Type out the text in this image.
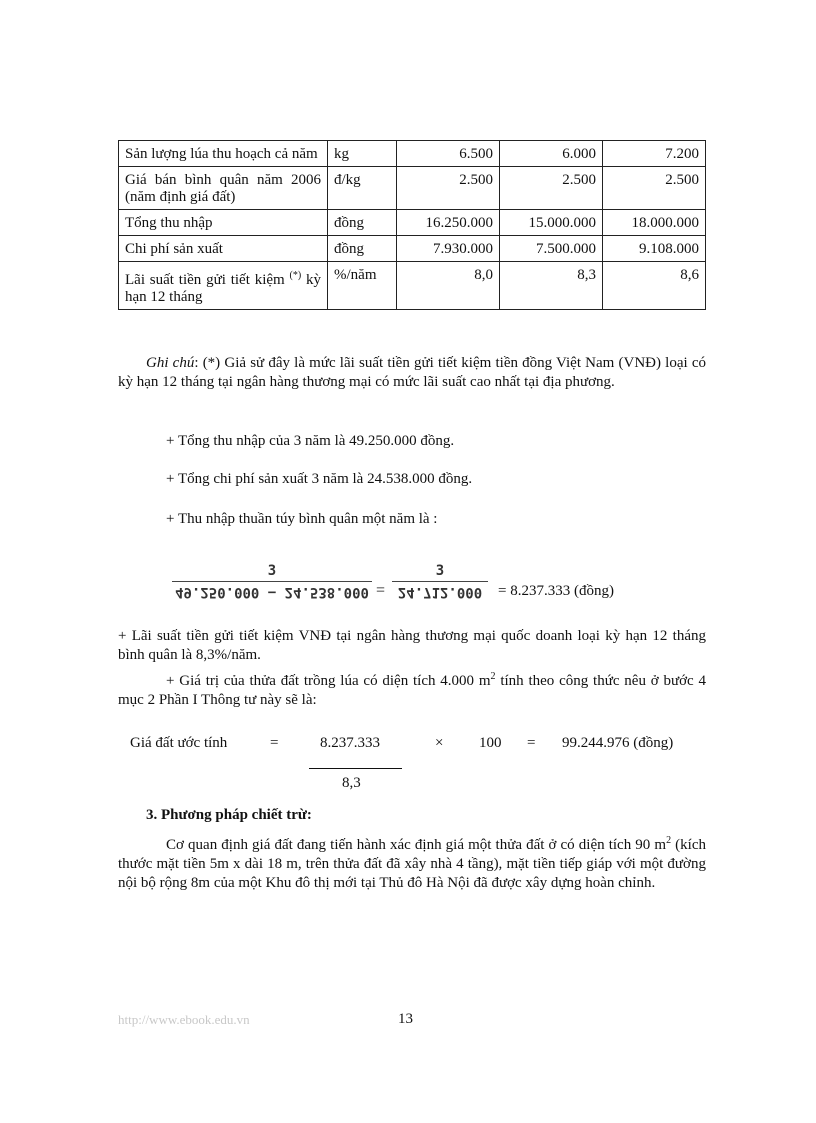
Sản lượng lúa thu hoạch cả năm	kg	6.500	6.000	7.200
Giá bán bình quân năm 2006 (năm định giá đất)	đ/kg	2.500	2.500	2.500
Tổng thu nhập	đồng	16.250.000	15.000.000	18.000.000
Chi phí sản xuất	đồng	7.930.000	7.500.000	9.108.000
Lãi suất tiền gửi tiết kiệm (*) kỳ hạn 12 tháng	%/năm	8,0	8,3	8,6

Ghi chú: (*) Giả sử đây là mức lãi suất tiền gửi tiết kiệm tiền đồng Việt Nam (VNĐ) loại có kỳ hạn 12 tháng tại ngân hàng thương mại có mức lãi suất cao nhất tại địa phương.

+ Tổng thu nhập của 3 năm là 49.250.000 đồng.

+ Tổng chi phí sản xuất 3 năm là 24.538.000 đồng.

+ Thu nhập thuần túy bình quân một năm là :

3
49.250.000 − 24.538.000 =
3
24.712.000	= 8.237.333 (đồng)

+ Lãi suất tiền gửi tiết kiệm VNĐ tại ngân hàng thương mại quốc doanh loại kỳ hạn 12 tháng bình quân là 8,3%/năm.

+ Giá trị của thửa đất trồng lúa có diện tích 4.000 $m^2$ tính theo công thức nêu ở bước 4 mục 2 Phần I Thông tư này sẽ là:

Giá đất ước tính	=	8.237.333	× 100 = 99.244.976 (đồng)
8,3

3. Phương pháp chiết trừ:

Cơ quan định giá đất đang tiến hành xác định giá một thửa đất ở có diện tích 90 $m^2$ (kích thước mặt tiền 5m x dài 18 m, trên thửa đất đã xây nhà 4 tầng), mặt tiền tiếp giáp với một đường nội bộ rộng 8m của một Khu đô thị mới tại Thủ đô Hà Nội đã được xây dựng hoàn chỉnh.

http://www.ebook.edu.vn	13
